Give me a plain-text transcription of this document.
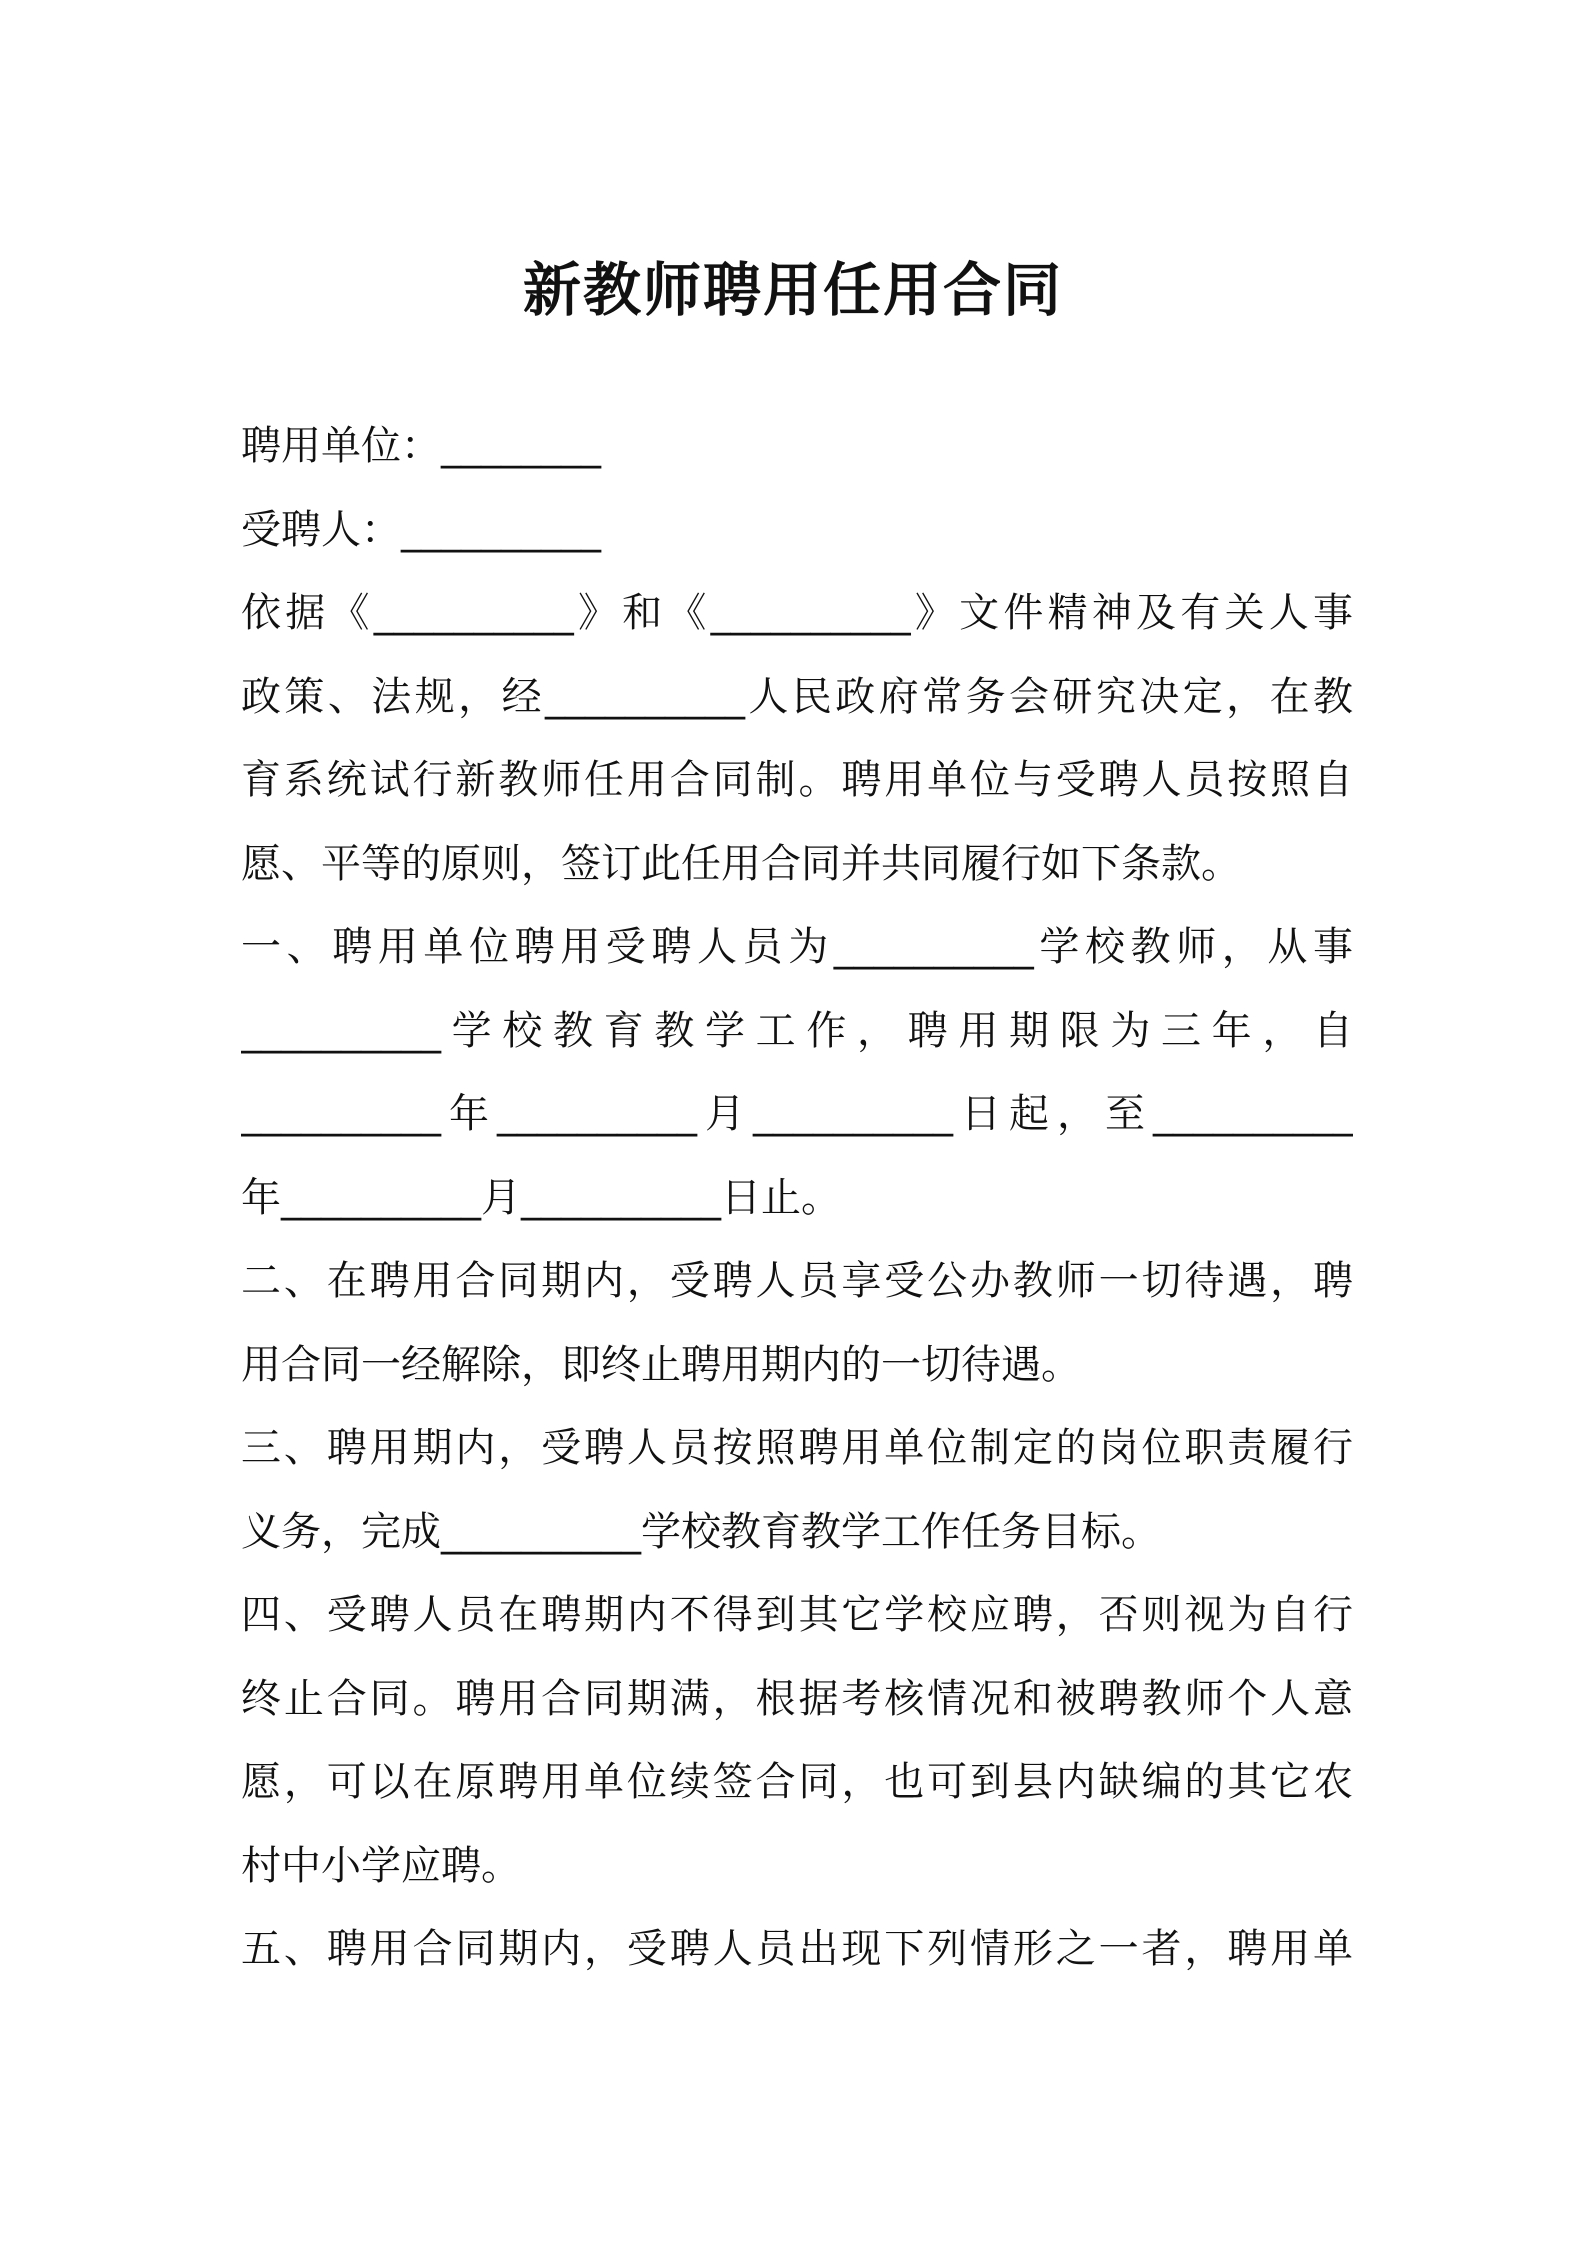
新教师聘用任用合同
聘用单位：________
受聘人：__________
依据《__________》和《__________》文件精神及有关人事
政策、法规，经__________人民政府常务会研究决定，在教
育系统试行新教师任用合同制。聘用单位与受聘人员按照自
愿、平等的原则，签订此任用合同并共同履行如下条款。
一、聘用单位聘用受聘人员为__________学校教师，从事
__________学校教育教学工作，聘用期限为三年，自
__________年__________月__________日起，至__________
年__________月__________日止。
二、在聘用合同期内，受聘人员享受公办教师一切待遇，聘
用合同一经解除，即终止聘用期内的一切待遇。
三、聘用期内，受聘人员按照聘用单位制定的岗位职责履行
义务，完成__________学校教育教学工作任务目标。
四、受聘人员在聘期内不得到其它学校应聘，否则视为自行
终止合同。聘用合同期满，根据考核情况和被聘教师个人意
愿，可以在原聘用单位续签合同，也可到县内缺编的其它农
村中小学应聘。
五、聘用合同期内，受聘人员出现下列情形之一者，聘用单
